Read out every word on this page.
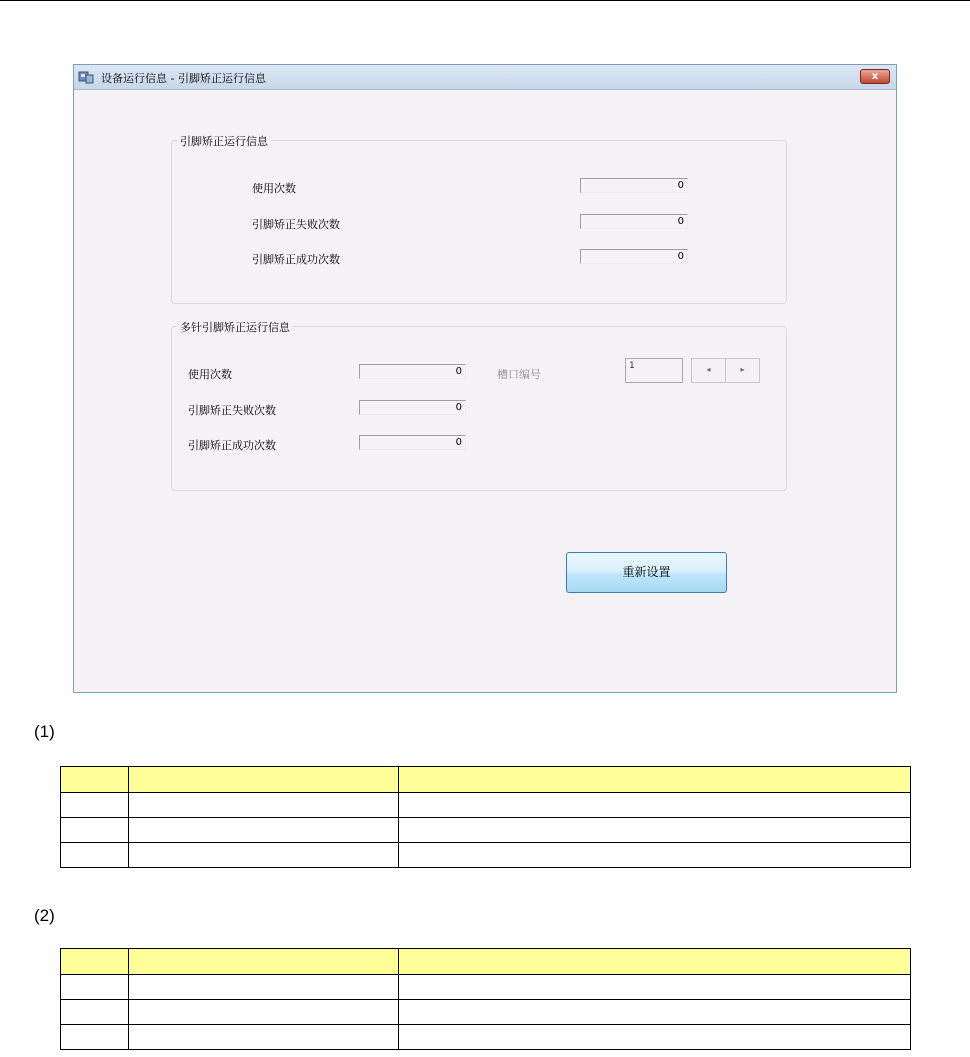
设备运行信息 - 引脚矫正运行信息	x
引脚矫正运行信息
使用次数	0
引脚矫正失败次数	0
引脚矫正成功次数	0
多针引脚矫正运行信息
使用次数	0
引脚矫正失败次数	0
引脚矫正成功次数	0
槽口编号
1	◂	▸
重新设置
(1)

(2)
